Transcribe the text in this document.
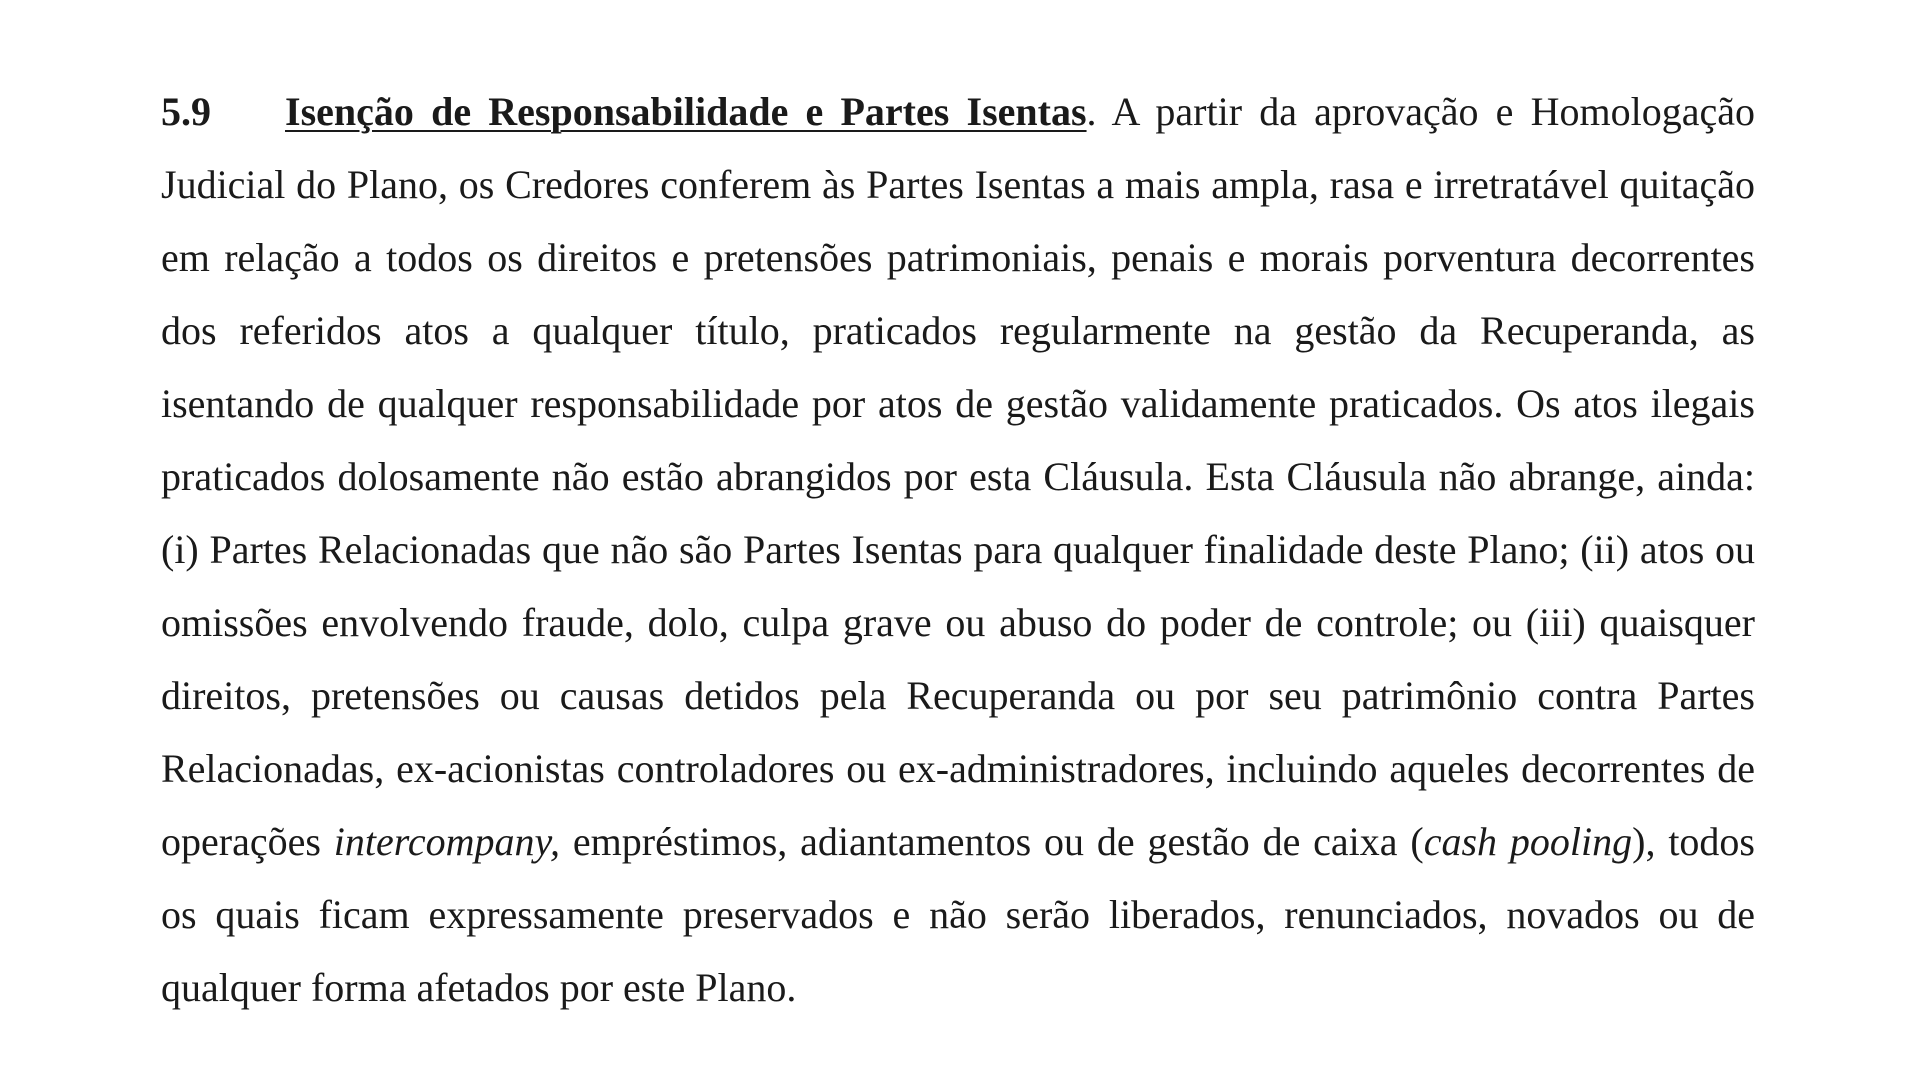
5.9 Isenção de Responsabilidade e Partes Isentas. A partir da aprovação e Homologação Judicial do Plano, os Credores conferem às Partes Isentas a mais ampla, rasa e irretratável quitação em relação a todos os direitos e pretensões patrimoniais, penais e morais porventura decorrentes dos referidos atos a qualquer título, praticados regularmente na gestão da Recuperanda, as isentando de qualquer responsabilidade por atos de gestão validamente praticados. Os atos ilegais praticados dolosamente não estão abrangidos por esta Cláusula. Esta Cláusula não abrange, ainda: (i) Partes Relacionadas que não são Partes Isentas para qualquer finalidade deste Plano; (ii) atos ou omissões envolvendo fraude, dolo, culpa grave ou abuso do poder de controle; ou (iii) quaisquer direitos, pretensões ou causas detidos pela Recuperanda ou por seu patrimônio contra Partes Relacionadas, ex-acionistas controladores ou ex-administradores, incluindo aqueles decorrentes de operações intercompany, empréstimos, adiantamentos ou de gestão de caixa (cash pooling), todos os quais ficam expressamente preservados e não serão liberados, renunciados, novados ou de qualquer forma afetados por este Plano.
